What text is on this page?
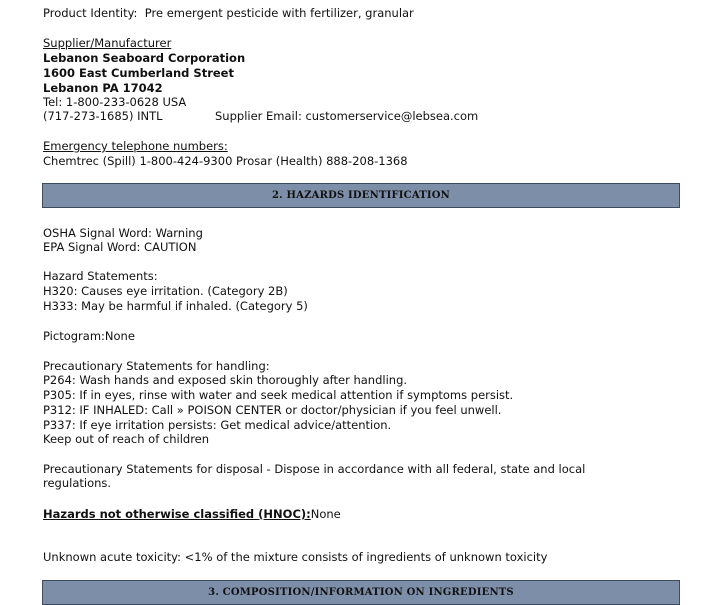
Product Identity: Pre emergent pesticide with fertilizer, granular
Supplier/Manufacturer
Lebanon Seaboard Corporation
1600 East Cumberland Street
Lebanon PA 17042
Tel: 1-800-233-0628 USA
(717-273-1685) INTL	Supplier Email: customerservice@lebsea.com
Emergency telephone numbers:
Chemtrec (Spill) 1-800-424-9300 Prosar (Health) 888-208-1368
2. HAZARDS IDENTIFICATION
OSHA Signal Word: Warning
EPA Signal Word: CAUTION
Hazard Statements:
H320: Causes eye irritation. (Category 2B)
H333: May be harmful if inhaled. (Category 5)
Pictogram:None
Precautionary Statements for handling:
P264: Wash hands and exposed skin thoroughly after handling.
P305: If in eyes, rinse with water and seek medical attention if symptoms persist.
P312: IF INHALED: Call » POISON CENTER or doctor/physician if you feel unwell.
P337: If eye irritation persists: Get medical advice/attention.
Keep out of reach of children
Precautionary Statements for disposal - Dispose in accordance with all federal, state and local
regulations.
Hazards not otherwise classified (HNOC):None
Unknown acute toxicity: <1% of the mixture consists of ingredients of unknown toxicity
3. COMPOSITION/INFORMATION ON INGREDIENTS
